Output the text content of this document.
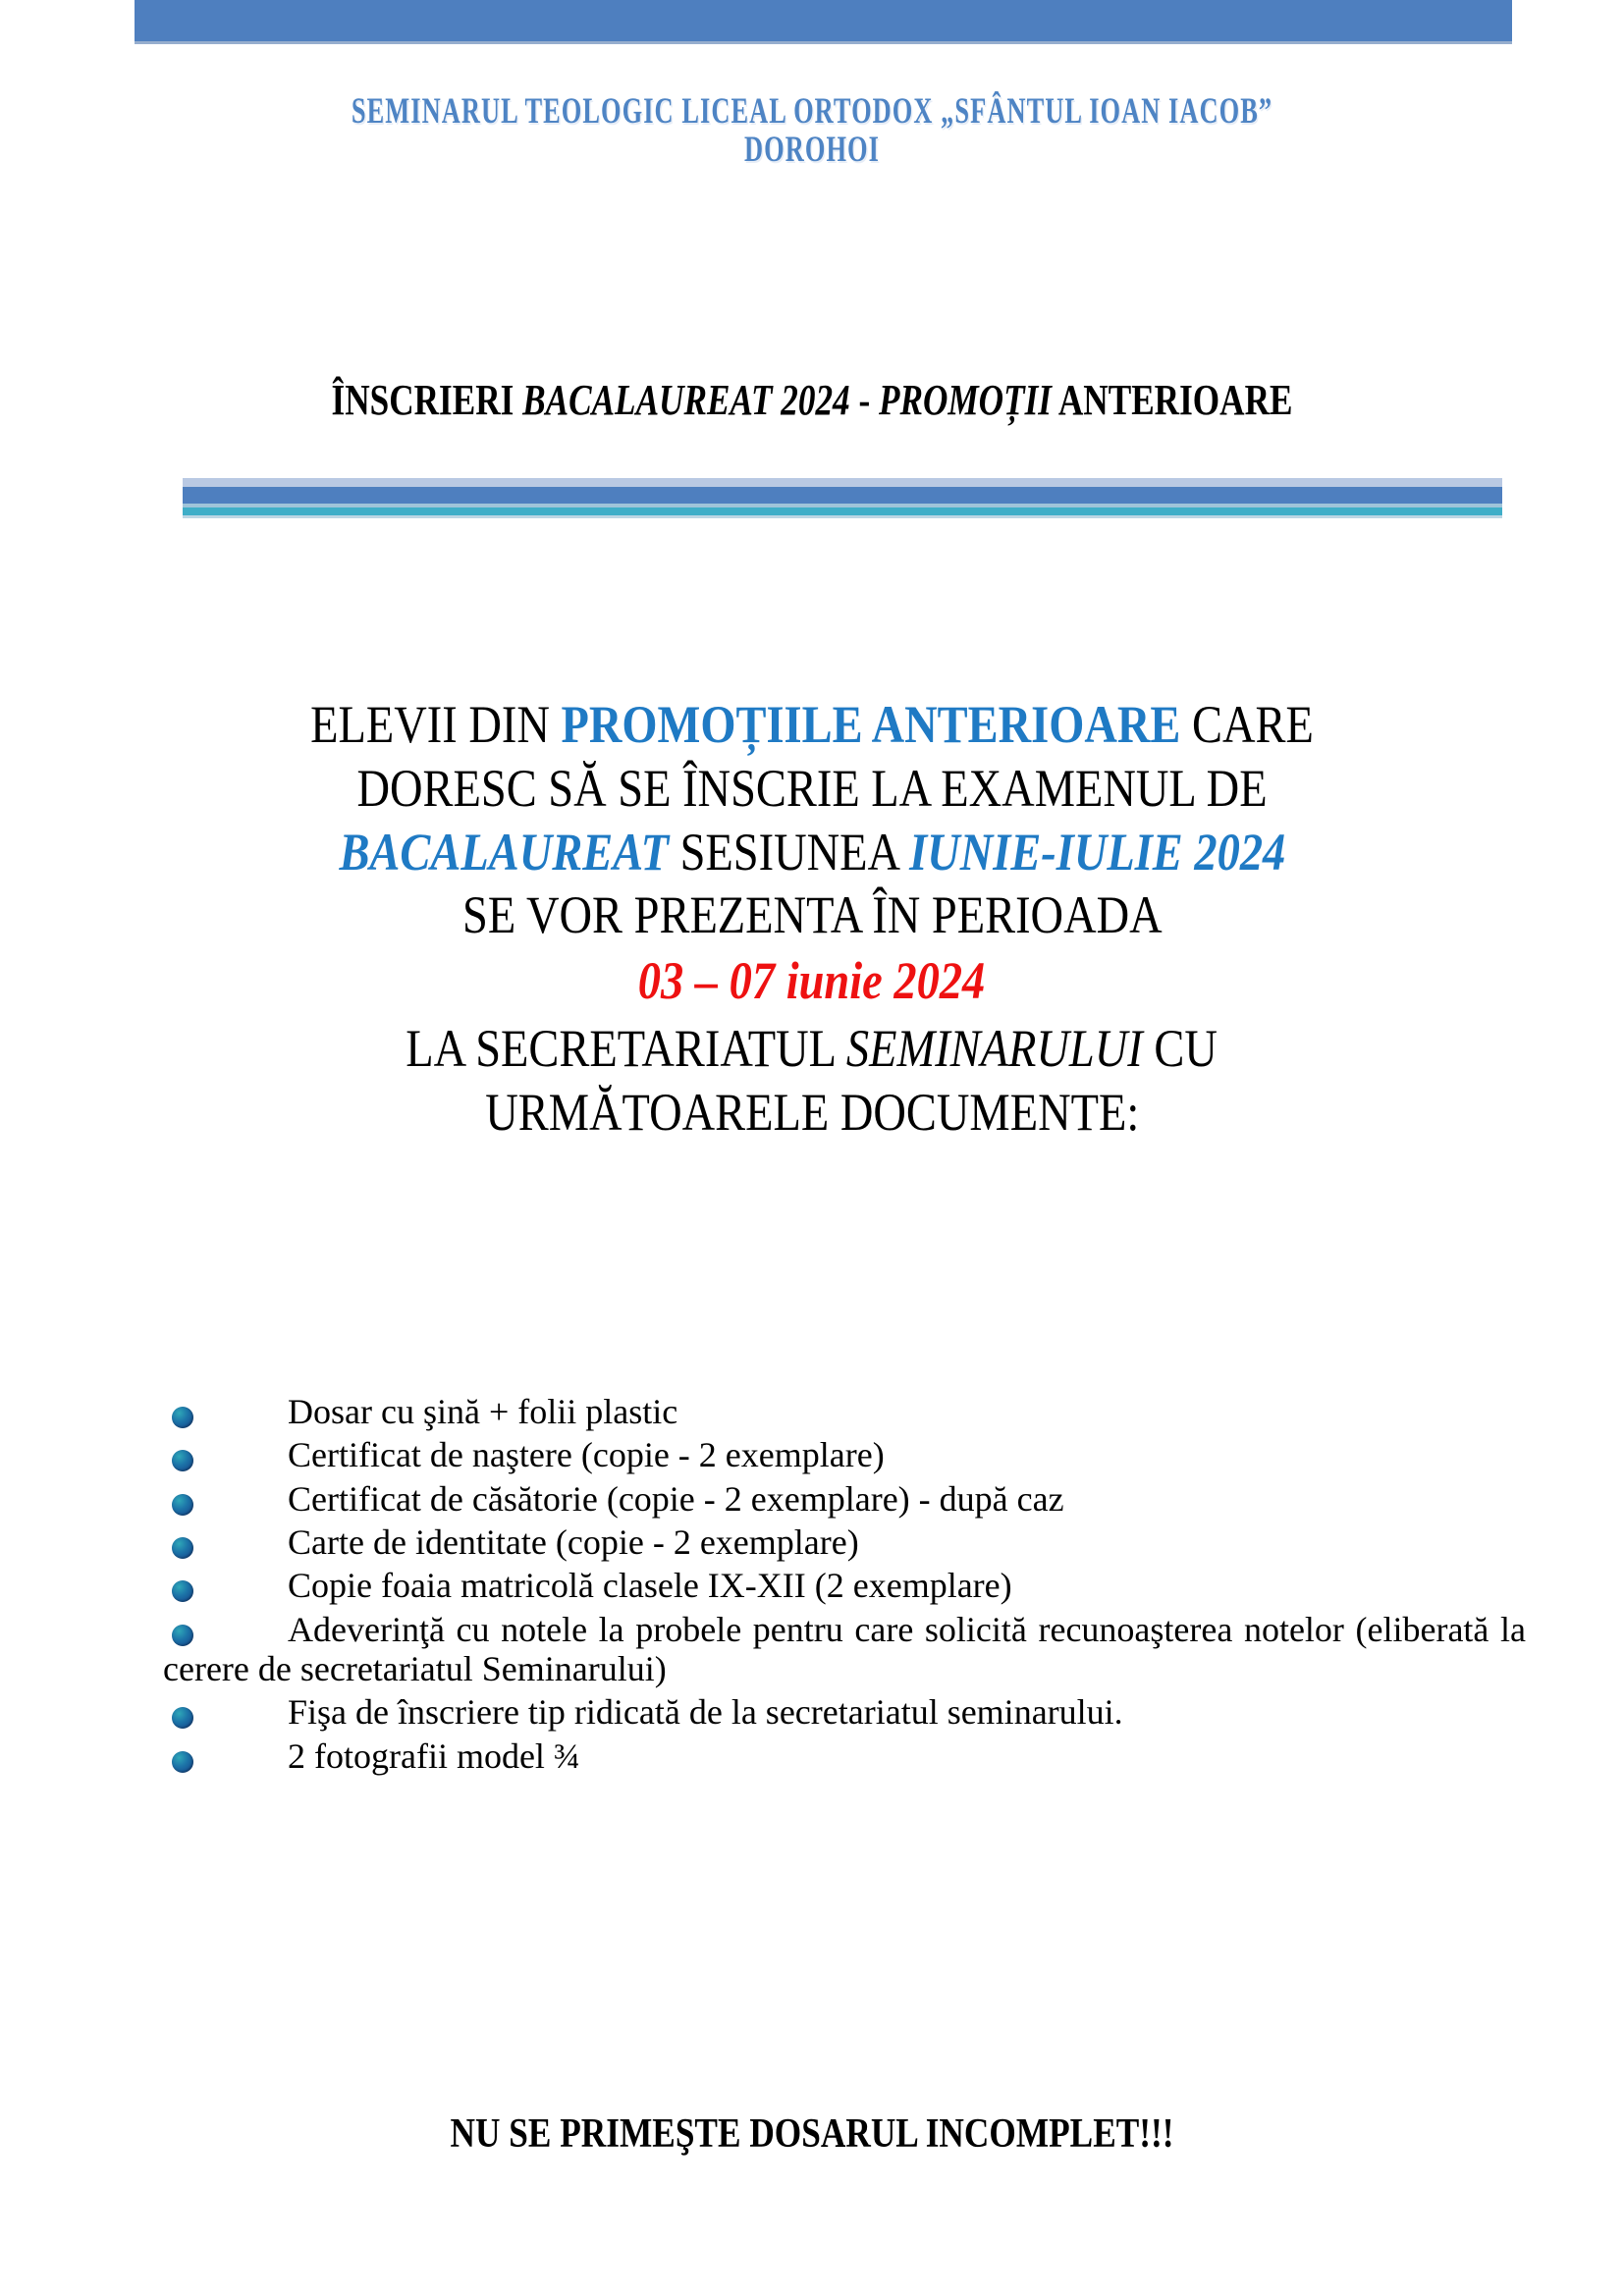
SEMINARUL TEOLOGIC LICEAL ORTODOX „SFÂNTUL IOAN IACOB”
DOROHOI
ÎNSCRIERI BACALAUREAT 2024 - PROMOȚII ANTERIOARE
ELEVII DIN PROMOȚIILE ANTERIOARE CARE
DORESC SĂ SE ÎNSCRIE LA EXAMENUL DE
BACALAUREAT SESIUNEA IUNIE-IULIE 2024
SE VOR PREZENTA ÎN PERIOADA
03 – 07 iunie 2024
LA SECRETARIATUL SEMINARULUI CU
URMĂTOARELE DOCUMENTE:
Dosar cu şină + folii plastic
Certificat de naştere (copie - 2 exemplare)
Certificat de căsătorie (copie - 2 exemplare) - după caz
Carte de identitate (copie - 2 exemplare)
Copie foaia matricolă clasele IX-XII (2 exemplare)
Adeverinţă cu notele la probele pentru care solicită recunoaşterea notelor (eliberată la cerere de secretariatul Seminarului)
Fişa de înscriere tip ridicată de la secretariatul seminarului.
2 fotografii model ¾
NU SE PRIMEŞTE DOSARUL INCOMPLET!!!
